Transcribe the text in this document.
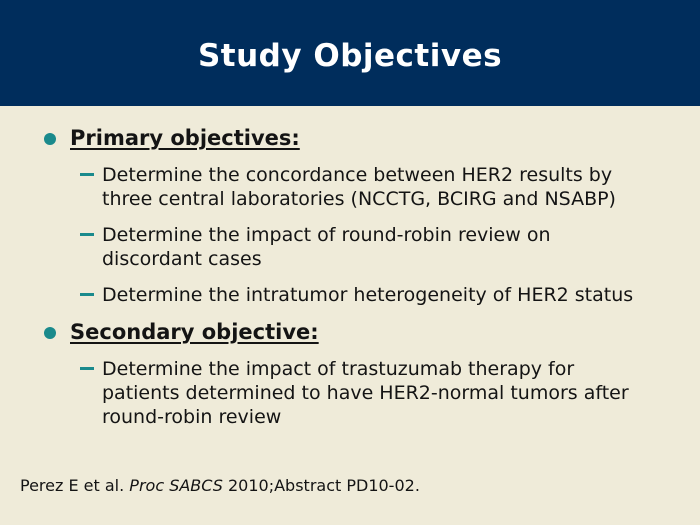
Study Objectives
Primary objectives:
Determine the concordance between HER2 results by
three central laboratories (NCCTG, BCIRG and NSABP)
Determine the impact of round-robin review on
discordant cases
Determine the intratumor heterogeneity of HER2 status
Secondary objective:
Determine the impact of trastuzumab therapy for
patients determined to have HER2-normal tumors after
round-robin review
Perez E et al. Proc SABCS 2010;Abstract PD10-02.
